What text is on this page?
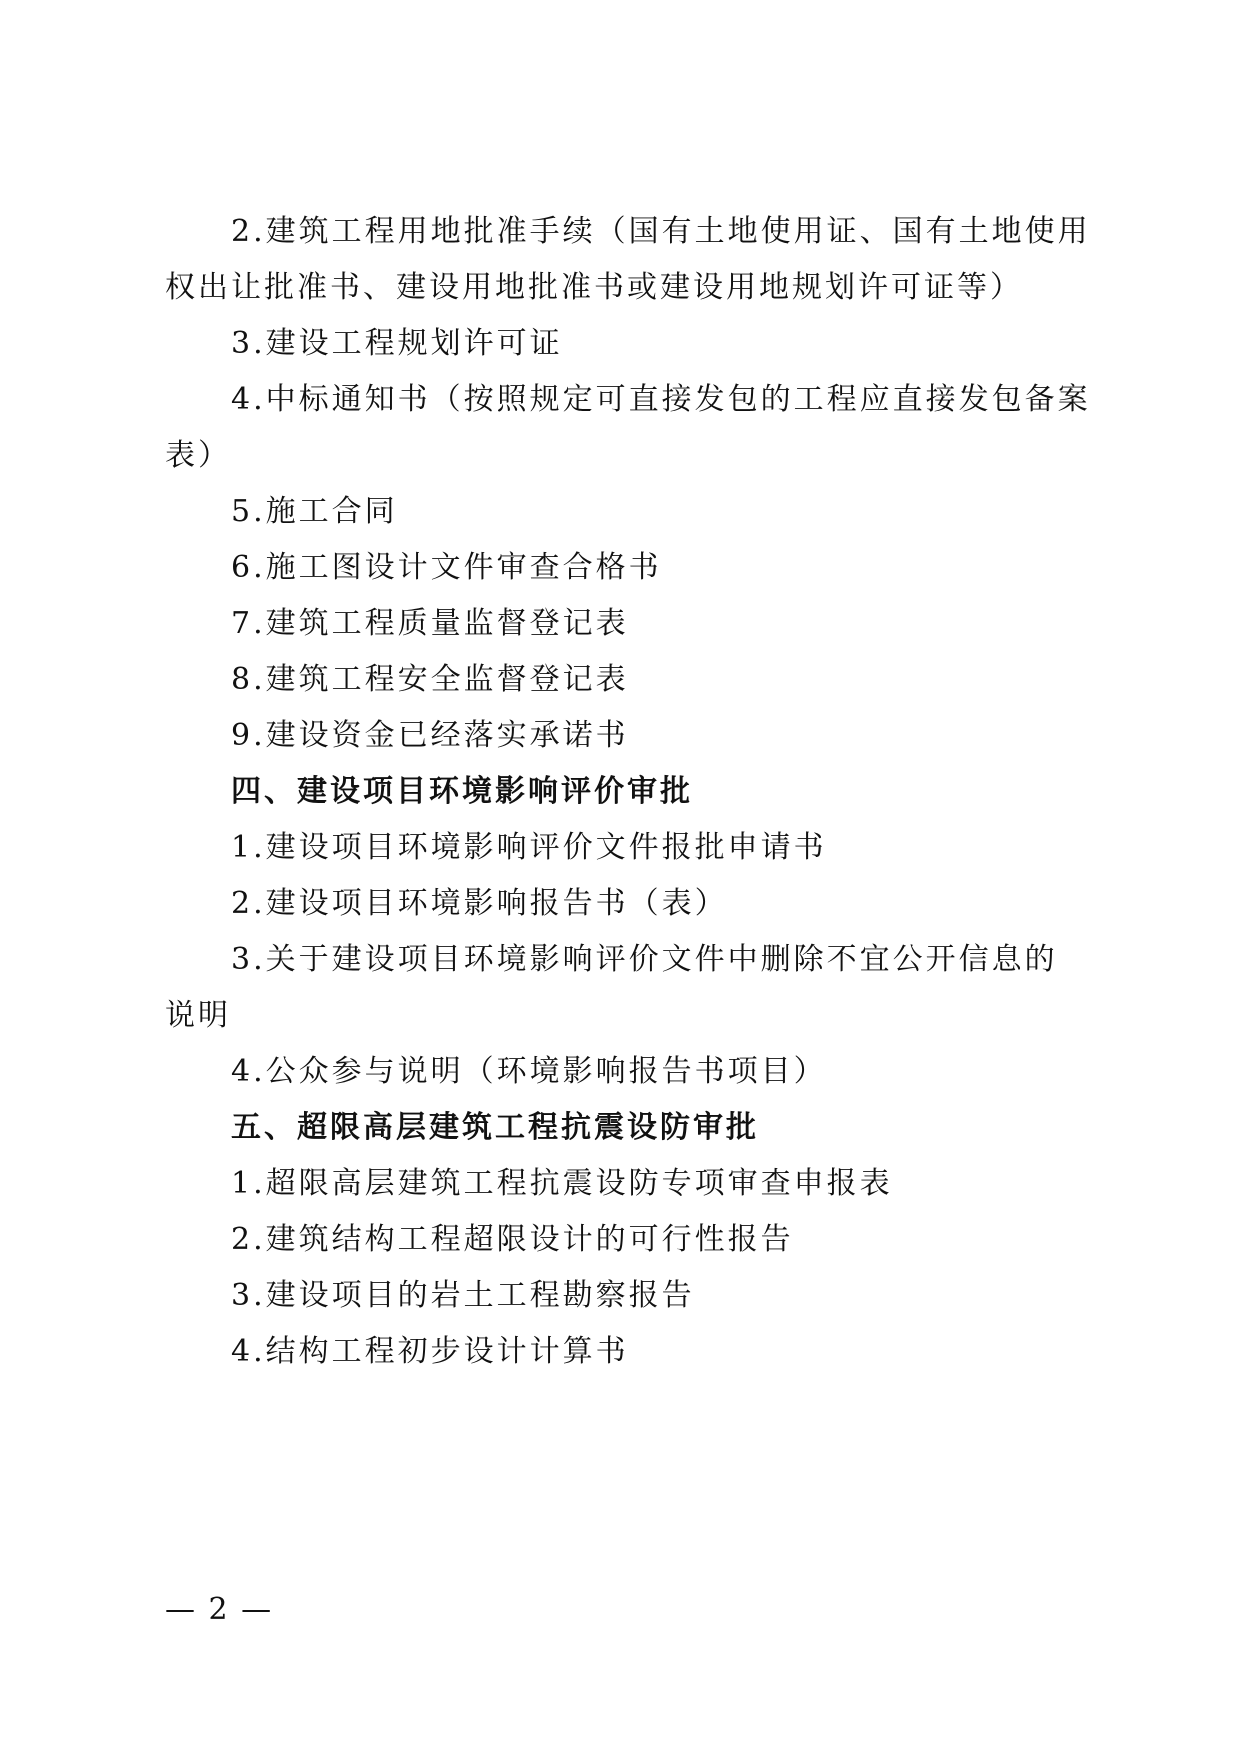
2.建筑工程用地批准手续（国有土地使用证、国有土地使用
权出让批准书、建设用地批准书或建设用地规划许可证等）
3.建设工程规划许可证
4.中标通知书（按照规定可直接发包的工程应直接发包备案
表）
5.施工合同
6.施工图设计文件审查合格书
7.建筑工程质量监督登记表
8.建筑工程安全监督登记表
9.建设资金已经落实承诺书
四、建设项目环境影响评价审批
1.建设项目环境影响评价文件报批申请书
2.建设项目环境影响报告书（表）
3.关于建设项目环境影响评价文件中删除不宜公开信息的
说明
4.公众参与说明（环境影响报告书项目）
五、超限高层建筑工程抗震设防审批
1.超限高层建筑工程抗震设防专项审查申报表
2.建筑结构工程超限设计的可行性报告
3.建设项目的岩土工程勘察报告
4.结构工程初步设计计算书
— 2 —
